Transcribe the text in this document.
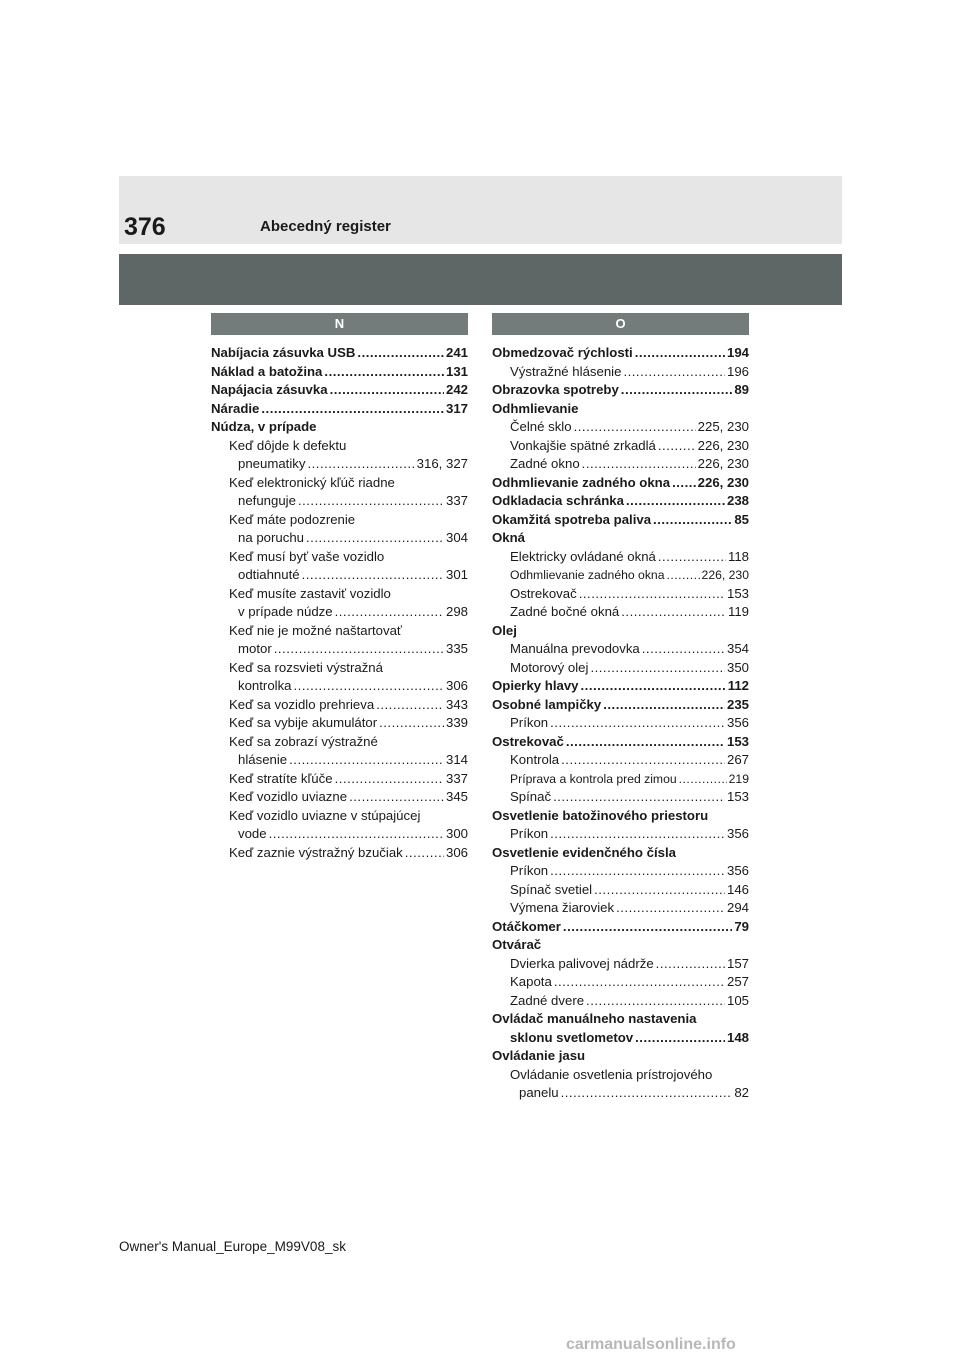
376	Abecedný register
N
Nabíjacia zásuvka USB .....	241
Náklad a batožina .....	131
Napájacia zásuvka .....	242
Náradie .....	317
Núdza, v prípade
Keď dôjde k defektu
pneumatiky .....	316, 327
Keď elektronický kľúč riadne
nefunguje .....	337
Keď máte podozrenie
na poruchu .....	304
Keď musí byť vaše vozidlo
odtiahnuté .....	301
Keď musíte zastaviť vozidlo
v prípade núdze .....	298
Keď nie je možné naštartovať
motor .....	335
Keď sa rozsvieti výstražná
kontrolka .....	306
Keď sa vozidlo prehrieva .....	343
Keď sa vybije akumulátor .....	339
Keď sa zobrazí výstražné
hlásenie .....	314
Keď stratíte kľúče .....	337
Keď vozidlo uviazne .....	345
Keď vozidlo uviazne v stúpajúcej
vode .....	300
Keď zaznie výstražný bzučiak .....	306
O
Obmedzovač rýchlosti .....	194
Výstražné hlásenie .....	196
Obrazovka spotreby .....	89
Odhmlievanie
Čelné sklo .....	225, 230
Vonkajšie spätné zrkadlá .....	226, 230
Zadné okno .....	226, 230
Odhmlievanie zadného okna ..... 226, 230
Odkladacia schránka .....	238
Okamžitá spotreba paliva .....	85
Okná
Elektricky ovládané okná .....	118
Odhmlievanie zadného okna .....	226, 230
Ostrekovač .....	153
Zadné bočné okná .....	119
Olej
Manuálna prevodovka .....	354
Motorový olej .....	350
Opierky hlavy .....	112
Osobné lampičky .....	235
Príkon .....	356
Ostrekovač .....	153
Kontrola .....	267
Príprava a kontrola pred zimou .....	219
Spínač .....	153
Osvetlenie batožinového priestoru
Príkon .....	356
Osvetlenie evidenčného čísla
Príkon .....	356
Spínač svetiel .....	146
Výmena žiaroviek .....	294
Otáčkomer .....	79
Otvárač
Dvierka palivovej nádrže .....	157
Kapota .....	257
Zadné dvere .....	105
Ovládač manuálneho nastavenia
sklonu svetlometov .....	148
Ovládanie jasu
Ovládanie osvetlenia prístrojového
panelu .....	82
Owner's Manual_Europe_M99V08_sk
carmanualsonline.info
